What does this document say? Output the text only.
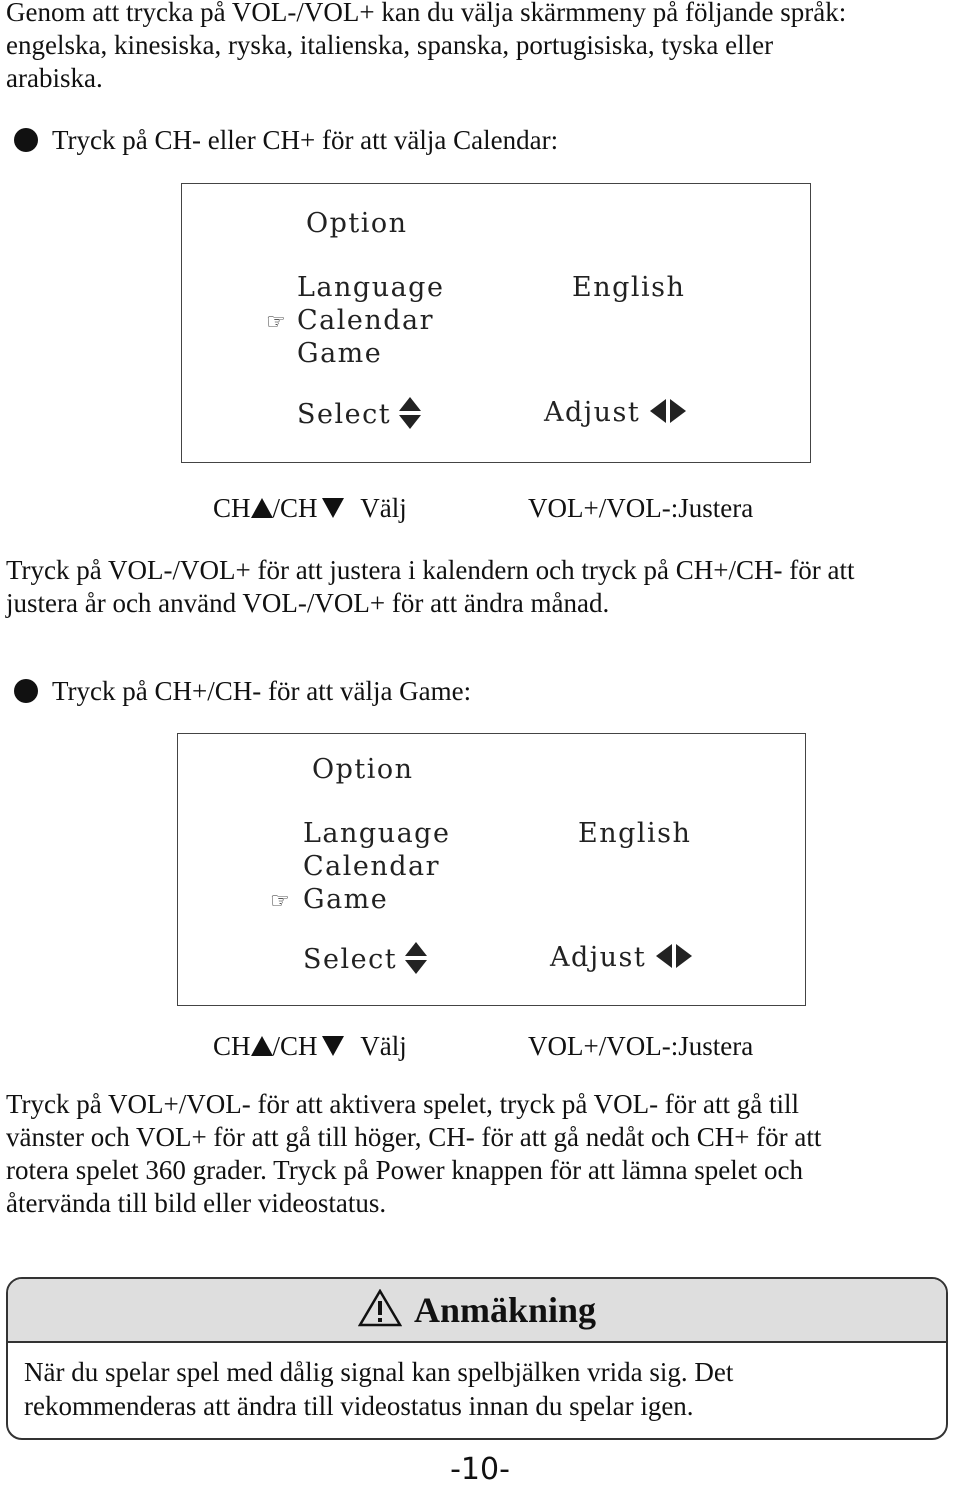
Genom att trycka på VOL-/VOL+ kan du välja skärmmeny på följande språk:
engelska, kinesiska, ryska, italienska, spanska, portugisiska, tyska eller
arabiska.
Tryck på CH- eller CH+ för att välja Calendar:
Option
Language
☞ Calendar
Game
English
Select	Adjust
CH /CH Välj	VOL+/VOL-:Justera
Tryck på VOL-/VOL+ för att justera i kalendern och tryck på CH+/CH- för att
justera år och använd VOL-/VOL+ för att ändra månad.
Tryck på CH+/CH- för att välja Game:
Option
Language
Calendar
☞ Game
English
Select	Adjust
CH /CH Välj	VOL+/VOL-:Justera
Tryck på VOL+/VOL- för att aktivera spelet, tryck på VOL- för att gå till
vänster och VOL+ för att gå till höger, CH- för att gå nedåt och CH+ för att
rotera spelet 360 grader. Tryck på Power knappen för att lämna spelet och
återvända till bild eller videostatus.
Anmäkning
När du spelar spel med dålig signal kan spelbjälken vrida sig. Det
rekommenderas att ändra till videostatus innan du spelar igen.
-10-
